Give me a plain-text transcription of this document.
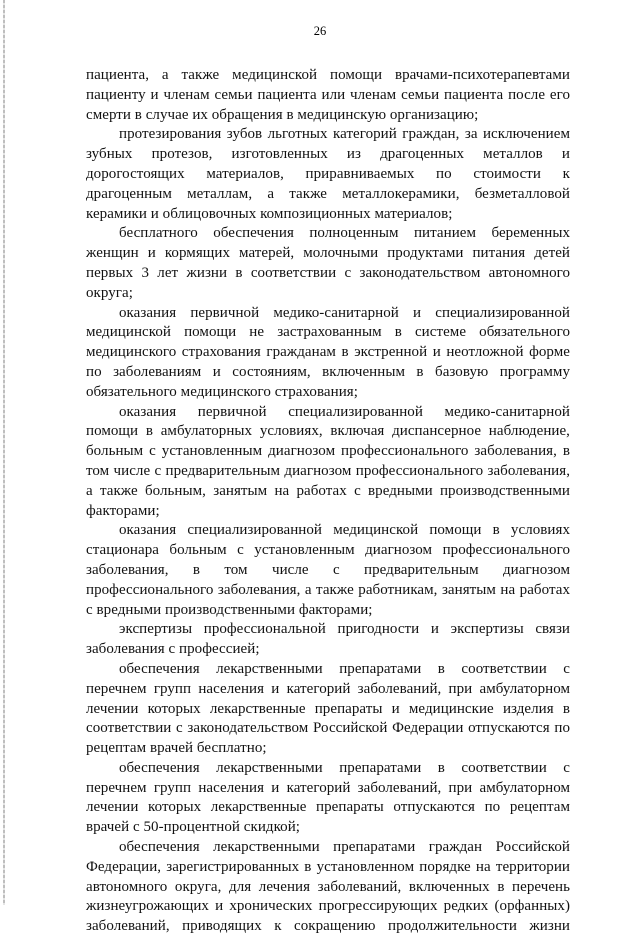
26

пациента, а также медицинской помощи врачами-психотерапевтами пациенту и членам семьи пациента или членам семьи пациента после его смерти в случае их обращения в медицинскую организацию;

протезирования зубов льготных категорий граждан, за исключением зубных протезов, изготовленных из драгоценных металлов и дорогостоящих материалов, приравниваемых по стоимости к драгоценным металлам, а также металлокерамики, безметалловой керамики и облицовочных композиционных материалов;

бесплатного обеспечения полноценным питанием беременных женщин и кормящих матерей, молочными продуктами питания детей первых 3 лет жизни в соответствии с законодательством автономного округа;

оказания первичной медико-санитарной и специализированной медицинской помощи не застрахованным в системе обязательного медицинского страхования гражданам в экстренной и неотложной форме по заболеваниям и состояниям, включенным в базовую программу обязательного медицинского страхования;

оказания первичной специализированной медико-санитарной помощи в амбулаторных условиях, включая диспансерное наблюдение, больным с установленным диагнозом профессионального заболевания, в том числе с предварительным диагнозом профессионального заболевания, а также больным, занятым на работах с вредными производственными факторами;

оказания специализированной медицинской помощи в условиях стационара больным с установленным диагнозом профессионального заболевания, в том числе с предварительным диагнозом профессионального заболевания, а также работникам, занятым на работах с вредными производственными факторами;

экспертизы профессиональной пригодности и экспертизы связи заболевания с профессией;

обеспечения лекарственными препаратами в соответствии с перечнем групп населения и категорий заболеваний, при амбулаторном лечении которых лекарственные препараты и медицинские изделия в соответствии с законодательством Российской Федерации отпускаются по рецептам врачей бесплатно;

обеспечения лекарственными препаратами в соответствии с перечнем групп населения и категорий заболеваний, при амбулаторном лечении которых лекарственные препараты отпускаются по рецептам врачей с 50-процентной скидкой;

обеспечения лекарственными препаратами граждан Российской Федерации, зарегистрированных в установленном порядке на территории автономного округа, для лечения заболеваний, включенных в перечень жизнеугрожающих и хронических прогрессирующих редких (орфанных) заболеваний, приводящих к сокращению продолжительности жизни
